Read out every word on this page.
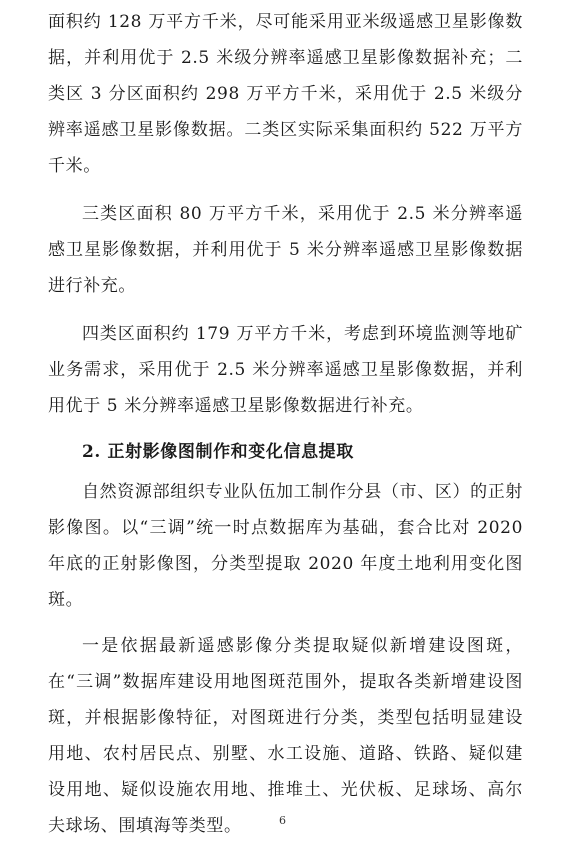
面积约 128 万平方千米，尽可能采用亚米级遥感卫星影像数据，并利用优于 2.5 米级分辨率遥感卫星影像数据补充；二类区 3 分区面积约 298 万平方千米，采用优于 2.5 米级分辨率遥感卫星影像数据。二类区实际采集面积约 522 万平方千米。

三类区面积 80 万平方千米，采用优于 2.5 米分辨率遥感卫星影像数据，并利用优于 5 米分辨率遥感卫星影像数据进行补充。

四类区面积约 179 万平方千米，考虑到环境监测等地矿业务需求，采用优于 2.5 米分辨率遥感卫星影像数据，并利用优于 5 米分辨率遥感卫星影像数据进行补充。

2. 正射影像图制作和变化信息提取

自然资源部组织专业队伍加工制作分县（市、区）的正射影像图。以“三调”统一时点数据库为基础，套合比对 2020 年底的正射影像图，分类型提取 2020 年度土地利用变化图斑。

一是依据最新遥感影像分类提取疑似新增建设图斑，在“三调”数据库建设用地图斑范围外，提取各类新增建设图斑，并根据影像特征，对图斑进行分类，类型包括明显建设用地、农村居民点、别墅、水工设施、道路、铁路、疑似建设用地、疑似设施农用地、推堆土、光伏板、足球场、高尔夫球场、围填海等类型。	6
